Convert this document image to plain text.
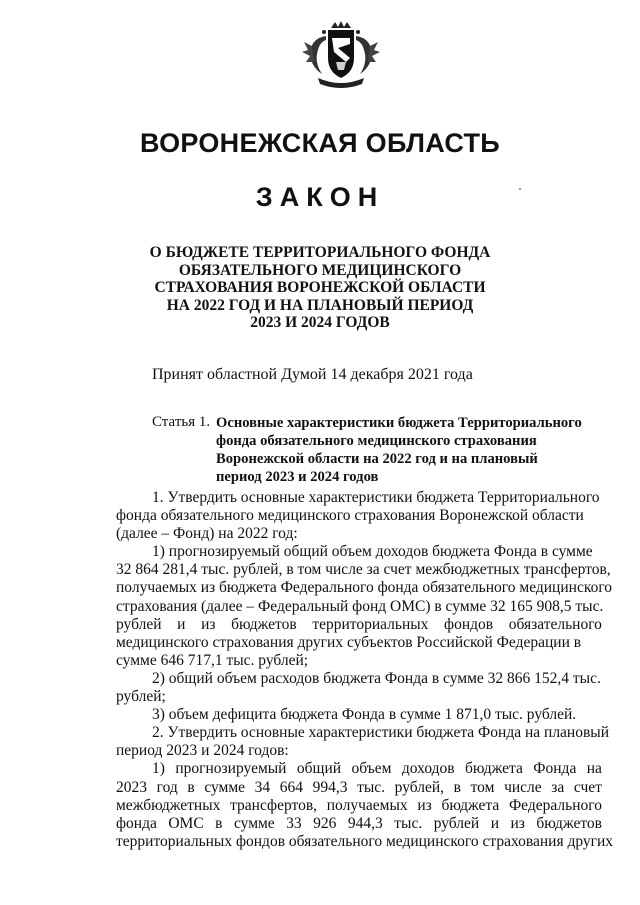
ВОРОНЕЖСКАЯ ОБЛАСТЬ
ЗАКОН
О БЮДЖЕТЕ ТЕРРИТОРИАЛЬНОГО ФОНДА
ОБЯЗАТЕЛЬНОГО МЕДИЦИНСКОГО
СТРАХОВАНИЯ ВОРОНЕЖСКОЙ ОБЛАСТИ
НА 2022 ГОД И НА ПЛАНОВЫЙ ПЕРИОД
2023 И 2024 ГОДОВ
Принят областной Думой 14 декабря 2021 года
Статья 1. Основные характеристики бюджета Территориального
фонда обязательного медицинского страхования
Воронежской области на 2022 год и на плановый
период 2023 и 2024 годов
1. Утвердить основные характеристики бюджета Территориального
фонда обязательного медицинского страхования Воронежской области
(далее – Фонд) на 2022 год:
1) прогнозируемый общий объем доходов бюджета Фонда в сумме
32 864 281,4 тыс. рублей, в том числе за счет межбюджетных трансфертов,
получаемых из бюджета Федерального фонда обязательного медицинского
страхования (далее – Федеральный фонд ОМС) в сумме 32 165 908,5 тыс.
рублей и из бюджетов территориальных фондов обязательного
медицинского страхования других субъектов Российской Федерации в
сумме 646 717,1 тыс. рублей;
2) общий объем расходов бюджета Фонда в сумме 32 866 152,4 тыс.
рублей;
3) объем дефицита бюджета Фонда в сумме 1 871,0 тыс. рублей.
2. Утвердить основные характеристики бюджета Фонда на плановый
период 2023 и 2024 годов:
1) прогнозируемый общий объем доходов бюджета Фонда на
2023 год в сумме 34 664 994,3 тыс. рублей, в том числе за счет
межбюджетных трансфертов, получаемых из бюджета Федерального
фонда ОМС в сумме 33 926 944,3 тыс. рублей и из бюджетов
территориальных фондов обязательного медицинского страхования других
